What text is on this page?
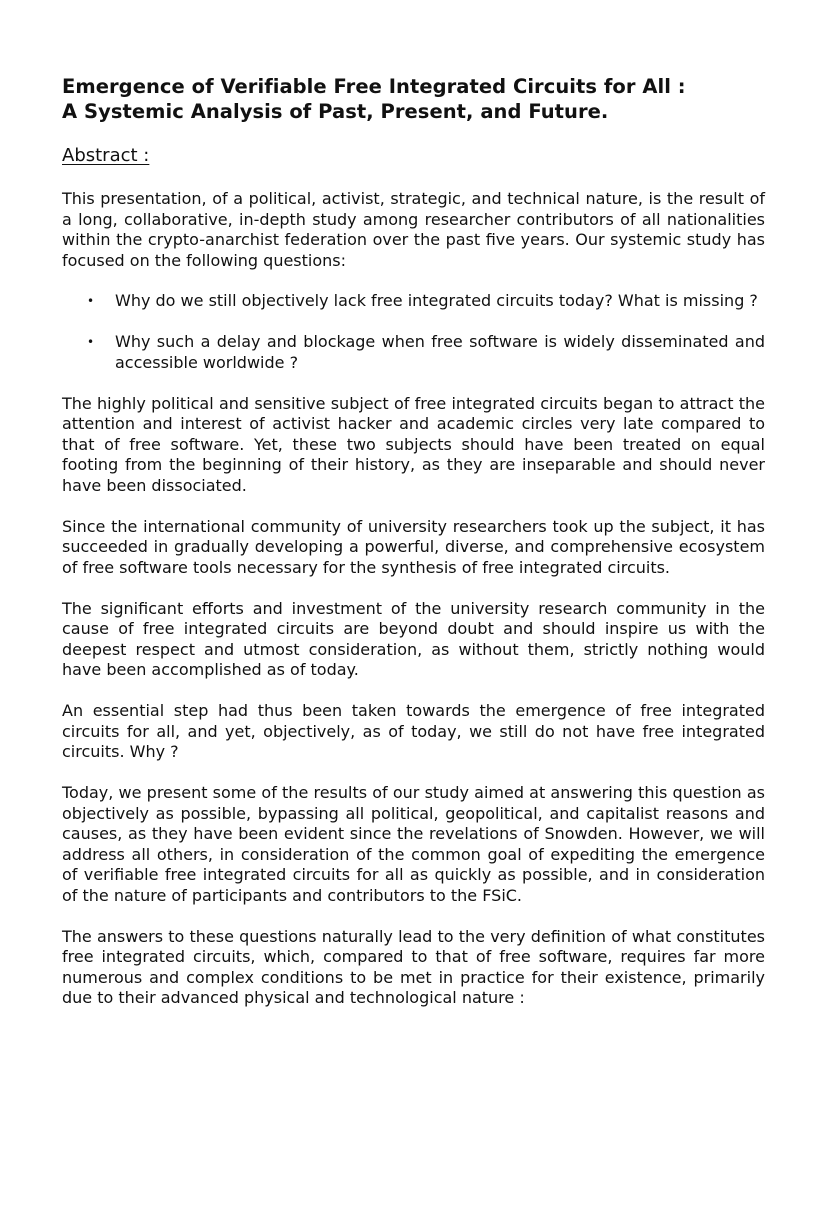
Emergence of Verifiable Free Integrated Circuits for All :
A Systemic Analysis of Past, Present, and Future.
Abstract :

This presentation, of a political, activist, strategic, and technical nature, is the result of a long, collaborative, in-depth study among researcher contributors of all nationalities within the crypto-anarchist federation over the past five years. Our systemic study has focused on the following questions:

• Why do we still objectively lack free integrated circuits today? What is missing ?
• Why such a delay and blockage when free software is widely disseminated and accessible worldwide ?

The highly political and sensitive subject of free integrated circuits began to attract the attention and interest of activist hacker and academic circles very late compared to that of free software. Yet, these two subjects should have been treated on equal footing from the beginning of their history, as they are inseparable and should never have been dissociated.

Since the international community of university researchers took up the subject, it has succeeded in gradually developing a powerful, diverse, and comprehensive ecosystem of free software tools necessary for the synthesis of free integrated circuits.

The significant efforts and investment of the university research community in the cause of free integrated circuits are beyond doubt and should inspire us with the deepest respect and utmost consideration, as without them, strictly nothing would have been accomplished as of today.

An essential step had thus been taken towards the emergence of free integrated circuits for all, and yet, objectively, as of today, we still do not have free integrated circuits. Why ?

Today, we present some of the results of our study aimed at answering this question as objectively as possible, bypassing all political, geopolitical, and capitalist reasons and causes, as they have been evident since the revelations of Snowden. However, we will address all others, in consideration of the common goal of expediting the emergence of verifiable free integrated circuits for all as quickly as possible, and in consideration of the nature of participants and contributors to the FSiC.

The answers to these questions naturally lead to the very definition of what constitutes free integrated circuits, which, compared to that of free software, requires far more numerous and complex conditions to be met in practice for their existence, primarily due to their advanced physical and technological nature :
